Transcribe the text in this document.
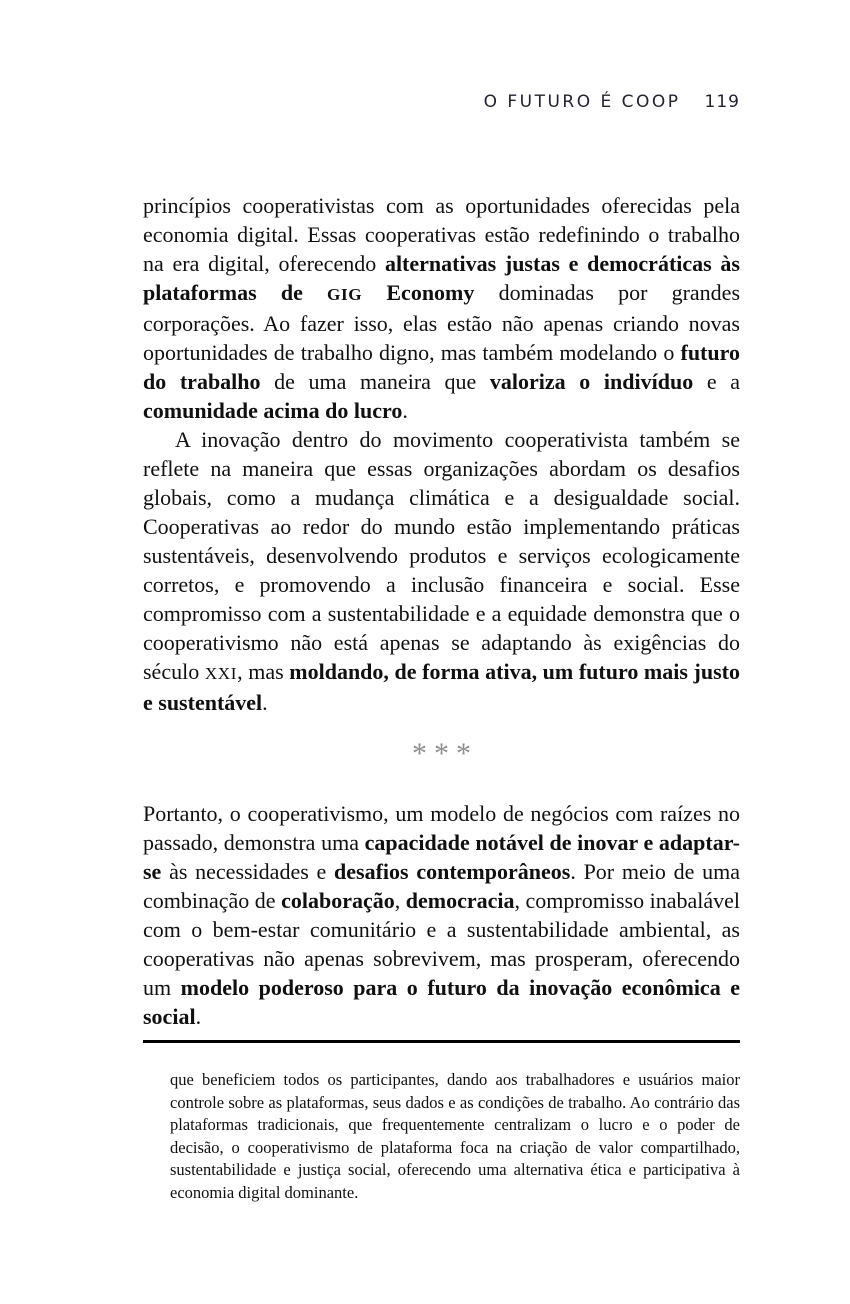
O FUTURO É COOP 119

princípios cooperativistas com as oportunidades oferecidas pela economia digital. Essas cooperativas estão redefinindo o trabalho na era digital, oferecendo alternativas justas e democráticas às plataformas de GIG Economy dominadas por grandes corporações. Ao fazer isso, elas estão não apenas criando novas oportunidades de trabalho digno, mas também modelando o futuro do trabalho de uma maneira que valoriza o indivíduo e a comunidade acima do lucro.

A inovação dentro do movimento cooperativista também se reflete na maneira que essas organizações abordam os desafios globais, como a mudança climática e a desigualdade social. Cooperativas ao redor do mundo estão implementando práticas sustentáveis, desenvolvendo produtos e serviços ecologicamente corretos, e promovendo a inclusão financeira e social. Esse compromisso com a sustentabilidade e a equidade demonstra que o cooperativismo não está apenas se adaptando às exigências do século XXI, mas moldando, de forma ativa, um futuro mais justo e sustentável.

***

Portanto, o cooperativismo, um modelo de negócios com raízes no passado, demonstra uma capacidade notável de inovar e adaptar-se às necessidades e desafios contemporâneos. Por meio de uma combinação de colaboração, democracia, compromisso inabalável com o bem-estar comunitário e a sustentabilidade ambiental, as cooperativas não apenas sobrevivem, mas prosperam, oferecendo um modelo poderoso para o futuro da inovação econômica e social.

que beneficiem todos os participantes, dando aos trabalhadores e usuários maior controle sobre as plataformas, seus dados e as condições de trabalho. Ao contrário das plataformas tradicionais, que frequentemente centralizam o lucro e o poder de decisão, o cooperativismo de plataforma foca na criação de valor compartilhado, sustentabilidade e justiça social, oferecendo uma alternativa ética e participativa à economia digital dominante.
